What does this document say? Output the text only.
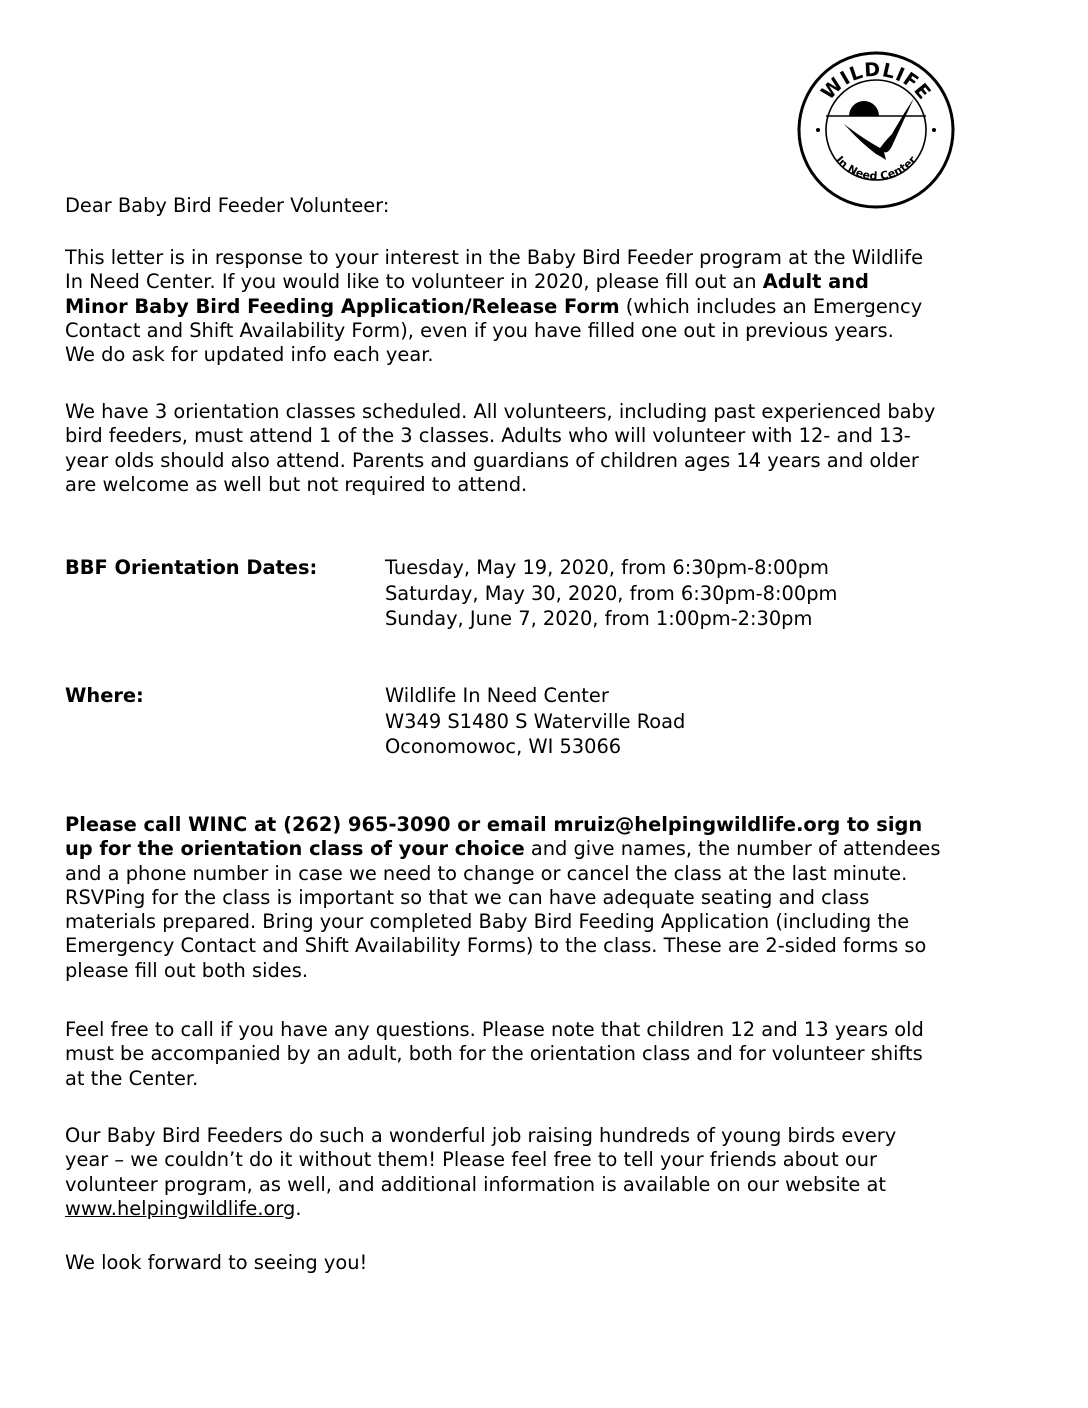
WILDLIFE
In Need Center

Dear Baby Bird Feeder Volunteer:

This letter is in response to your interest in the Baby Bird Feeder program at the Wildlife
In Need Center. If you would like to volunteer in 2020, please fill out an Adult and
Minor Baby Bird Feeding Application/Release Form (which includes an Emergency
Contact and Shift Availability Form), even if you have filled one out in previous years.
We do ask for updated info each year.

We have 3 orientation classes scheduled. All volunteers, including past experienced baby
bird feeders, must attend 1 of the 3 classes. Adults who will volunteer with 12- and 13-
year olds should also attend. Parents and guardians of children ages 14 years and older
are welcome as well but not required to attend.

BBF Orientation Dates:	Tuesday, May 19, 2020, from 6:30pm-8:00pm
Saturday, May 30, 2020, from 6:30pm-8:00pm
Sunday, June 7, 2020, from 1:00pm-2:30pm
Where:	Wildlife In Need Center
W349 S1480 S Waterville Road
Oconomowoc, WI 53066

Please call WINC at (262) 965-3090 or email mruiz@helpingwildlife.org to sign
up for the orientation class of your choice and give names, the number of attendees
and a phone number in case we need to change or cancel the class at the last minute.
RSVPing for the class is important so that we can have adequate seating and class
materials prepared. Bring your completed Baby Bird Feeding Application (including the
Emergency Contact and Shift Availability Forms) to the class. These are 2-sided forms so
please fill out both sides.

Feel free to call if you have any questions. Please note that children 12 and 13 years old
must be accompanied by an adult, both for the orientation class and for volunteer shifts
at the Center.

Our Baby Bird Feeders do such a wonderful job raising hundreds of young birds every
year – we couldn’t do it without them! Please feel free to tell your friends about our
volunteer program, as well, and additional information is available on our website at
www.helpingwildlife.org.

We look forward to seeing you!
